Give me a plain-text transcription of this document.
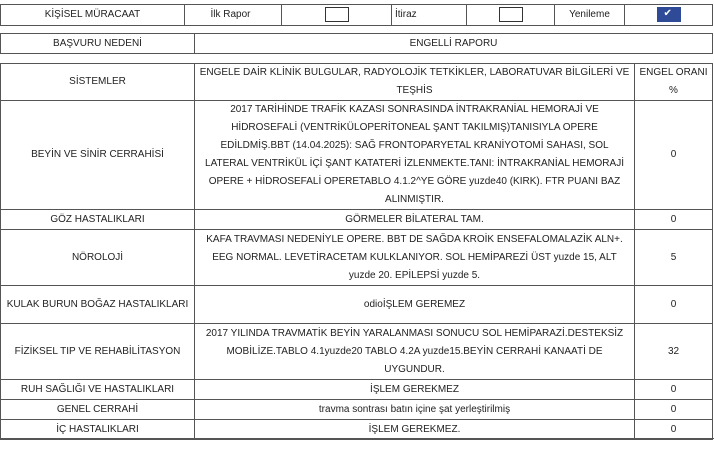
KİŞİSEL MÜRACAAT		İlk Rapor		İtiraz		Yenileme	✔
BAŞVURU NEDENİ	ENGELLİ RAPORU
SİSTEMLER	ENGELE DAİR KLİNİK BULGULAR, RADYOLOJİK TETKİKLER, LABORATUVAR BİLGİLERİ VE TEŞHİS	ENGEL ORANI %
BEYİN VE SİNİR CERRAHİSİ	2017 TARİHİNDE TRAFİK KAZASI SONRASINDA İNTRAKRANİAL HEMORAJİ VE HİDROSEFALİ (VENTRİKÜLOPERİTONEAL ŞANT TAKILMIŞ)TANISIYLA OPERE EDİLDMİŞ.BBT (14.04.2025): SAĞ FRONTOPARYETAL KRANİYOTOMİ SAHASI, SOL LATERAL VENTRİKÜL İÇİ ŞANT KATATERİ İZLENMEKTE.TANI: İNTRAKRANİAL HEMORAJİ OPERE + HİDROSEFALİ OPERETABLO 4.1.2^YE GÖRE yuzde40 (KIRK). FTR PUANI BAZ ALINMIŞTIR.	0
GÖZ HASTALIKLARI	GÖRMELER BİLATERAL TAM.	0
NÖROLOJİ	KAFA TRAVMASI NEDENİYLE OPERE. BBT DE SAĞDA KROİK ENSEFALOMALAZİK ALN+. EEG NORMAL. LEVETİRACETAM KULKLANIYOR. SOL HEMİPAREZİ ÜST yuzde 15, ALT yuzde 20. EPİLEPSİ yuzde 5.	5
KULAK BURUN BOĞAZ HASTALIKLARI	odioİŞLEM GEREMEZ	0
FİZİKSEL TIP VE REHABİLİTASYON	2017 YILINDA TRAVMATİK BEYİN YARALANMASI SONUCU SOL HEMİPARAZİ.DESTEKSİZ MOBİLİZE.TABLO 4.1yuzde20 TABLO 4.2A yuzde15.BEYİN CERRAHİ KANAATİ DE UYGUNDUR.	32
RUH SAĞLIĞI VE HASTALIKLARI	İŞLEM GEREKMEZ	0
GENEL CERRAHİ	travma sontrası batın içine şat yerleştirilmiş	0
İÇ HASTALIKLARI	İŞLEM GEREKMEZ.	0
